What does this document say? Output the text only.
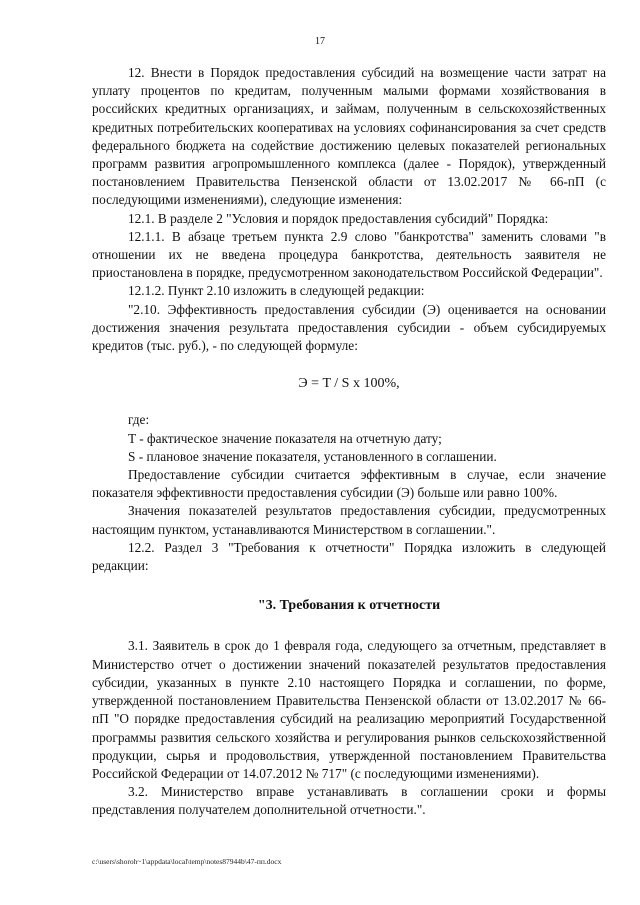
17

12. Внести в Порядок предоставления субсидий на возмещение части затрат на уплату процентов по кредитам, полученным малыми формами хозяйствования в российских кредитных организациях, и займам, полученным в сельскохозяйственных кредитных потребительских кооперативах на условиях софинансирования за счет средств федерального бюджета на содействие достижению целевых показателей региональных программ развития агропромышленного комплекса (далее - Порядок), утвержденный постановлением Правительства Пензенской области от 13.02.2017 № 66-пП (с последующими изменениями), следующие изменения:

12.1. В разделе 2 "Условия и порядок предоставления субсидий" Порядка:

12.1.1. В абзаце третьем пункта 2.9 слово "банкротства" заменить словами "в отношении их не введена процедура банкротства, деятельность заявителя не приостановлена в порядке, предусмотренном законодательством Российской Федерации".

12.1.2. Пункт 2.10 изложить в следующей редакции:

"2.10. Эффективность предоставления субсидии (Э) оценивается на основании достижения значения результата предоставления субсидии - объем субсидируемых кредитов (тыс. руб.), - по следующей формуле:

Э = T / S x 100%,

где:

T - фактическое значение показателя на отчетную дату;

S - плановое значение показателя, установленного в соглашении.

Предоставление субсидии считается эффективным в случае, если значение показателя эффективности предоставления субсидии (Э) больше или равно 100%.

Значения показателей результатов предоставления субсидии, предусмотренных настоящим пунктом, устанавливаются Министерством в соглашении.".

12.2. Раздел 3 "Требования к отчетности" Порядка изложить в следующей редакции:

"3. Требования к отчетности

3.1. Заявитель в срок до 1 февраля года, следующего за отчетным, представляет в Министерство отчет о достижении значений показателей результатов предоставления субсидии, указанных в пункте 2.10 настоящего Порядка и соглашении, по форме, утвержденной постановлением Правительства Пензенской области от 13.02.2017 № 66-пП "О порядке предоставления субсидий на реализацию мероприятий Государственной программы развития сельского хозяйства и регулирования рынков сельскохозяйственной продукции, сырья и продовольствия, утвержденной постановлением Правительства Российской Федерации от 14.07.2012 № 717" (с последующими изменениями).

3.2. Министерство вправе устанавливать в соглашении сроки и формы представления получателем дополнительной отчетности.".

c:\users\shoroh~1\appdata\local\temp\notes87944b\47-пп.docx
